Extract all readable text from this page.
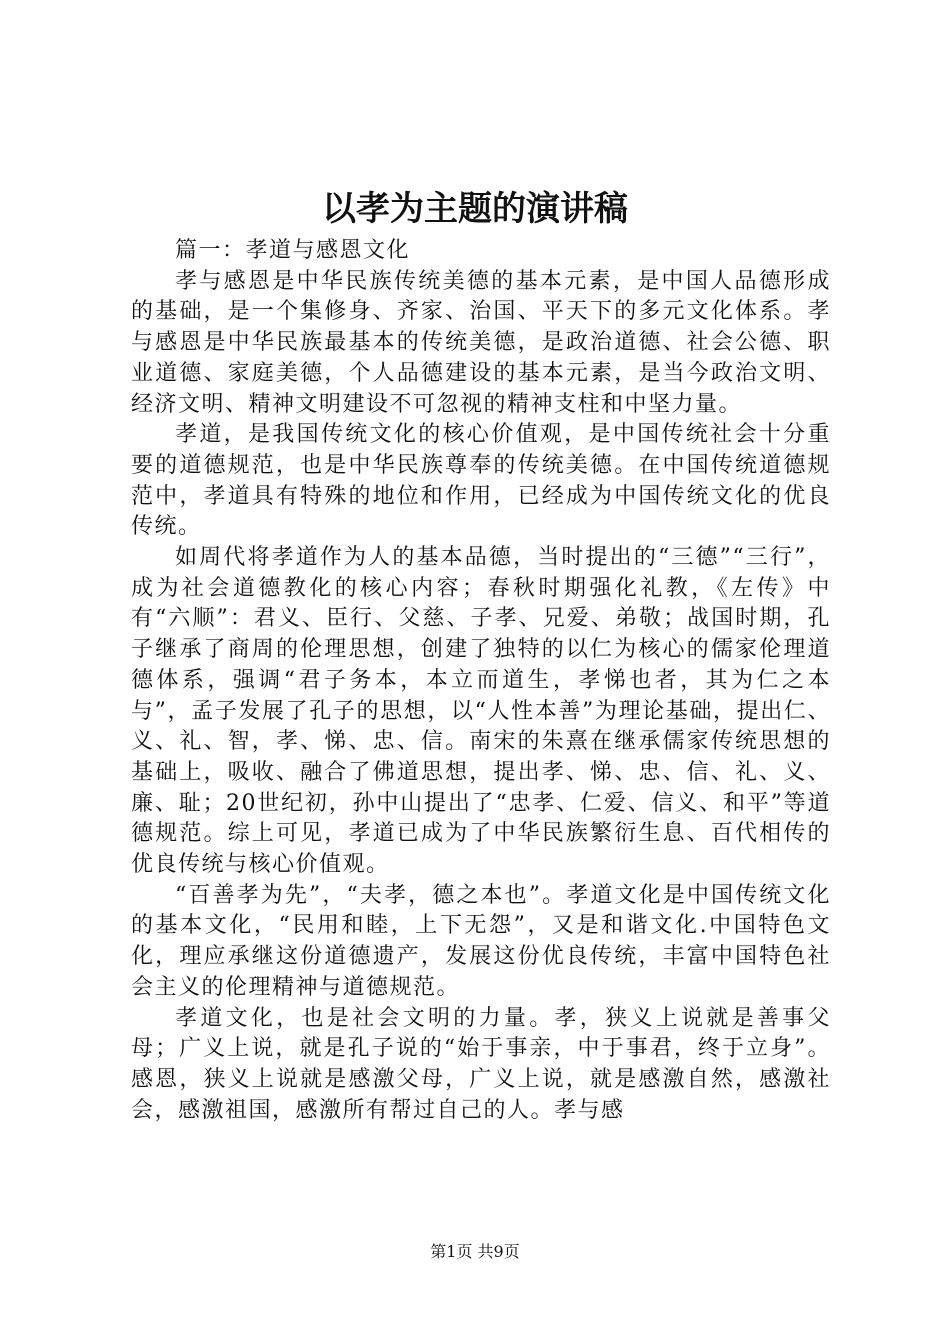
以孝为主题的演讲稿

篇一：孝道与感恩文化

孝与感恩是中华民族传统美德的基本元素，是中国人品德形成的基础，是一个集修身、齐家、治国、平天下的多元文化体系。孝与感恩是中华民族最基本的传统美德，是政治道德、社会公德、职业道德、家庭美德，个人品德建设的基本元素，是当今政治文明、经济文明、精神文明建设不可忽视的精神支柱和中坚力量。

孝道，是我国传统文化的核心价值观，是中国传统社会十分重要的道德规范，也是中华民族尊奉的传统美德。在中国传统道德规范中，孝道具有特殊的地位和作用，已经成为中国传统文化的优良传统。

如周代将孝道作为人的基本品德，当时提出的“三德”“三行”，成为社会道德教化的核心内容；春秋时期强化礼教，《左传》中有“六顺”：君义、臣行、父慈、子孝、兄爱、弟敬；战国时期，孔子继承了商周的伦理思想，创建了独特的以仁为核心的儒家伦理道德体系，强调“君子务本，本立而道生，孝悌也者，其为仁之本与”，孟子发展了孔子的思想，以“人性本善”为理论基础，提出仁、义、礼、智，孝、悌、忠、信。南宋的朱熹在继承儒家传统思想的基础上，吸收、融合了佛道思想，提出孝、悌、忠、信、礼、义、廉、耻；20世纪初，孙中山提出了“忠孝、仁爱、信义、和平”等道德规范。综上可见，孝道已成为了中华民族繁衍生息、百代相传的优良传统与核心价值观。

“百善孝为先”，“夫孝，德之本也”。孝道文化是中国传统文化的基本文化，“民用和睦，上下无怨”，又是和谐文化.中国特色文化，理应承继这份道德遗产，发展这份优良传统，丰富中国特色社会主义的伦理精神与道德规范。

孝道文化，也是社会文明的力量。孝，狭义上说就是善事父母；广义上说，就是孔子说的“始于事亲，中于事君，终于立身”。感恩，狭义上说就是感激父母，广义上说，就是感激自然，感激社会，感激祖国，感激所有帮过自己的人。孝与感

第1页 共9页
